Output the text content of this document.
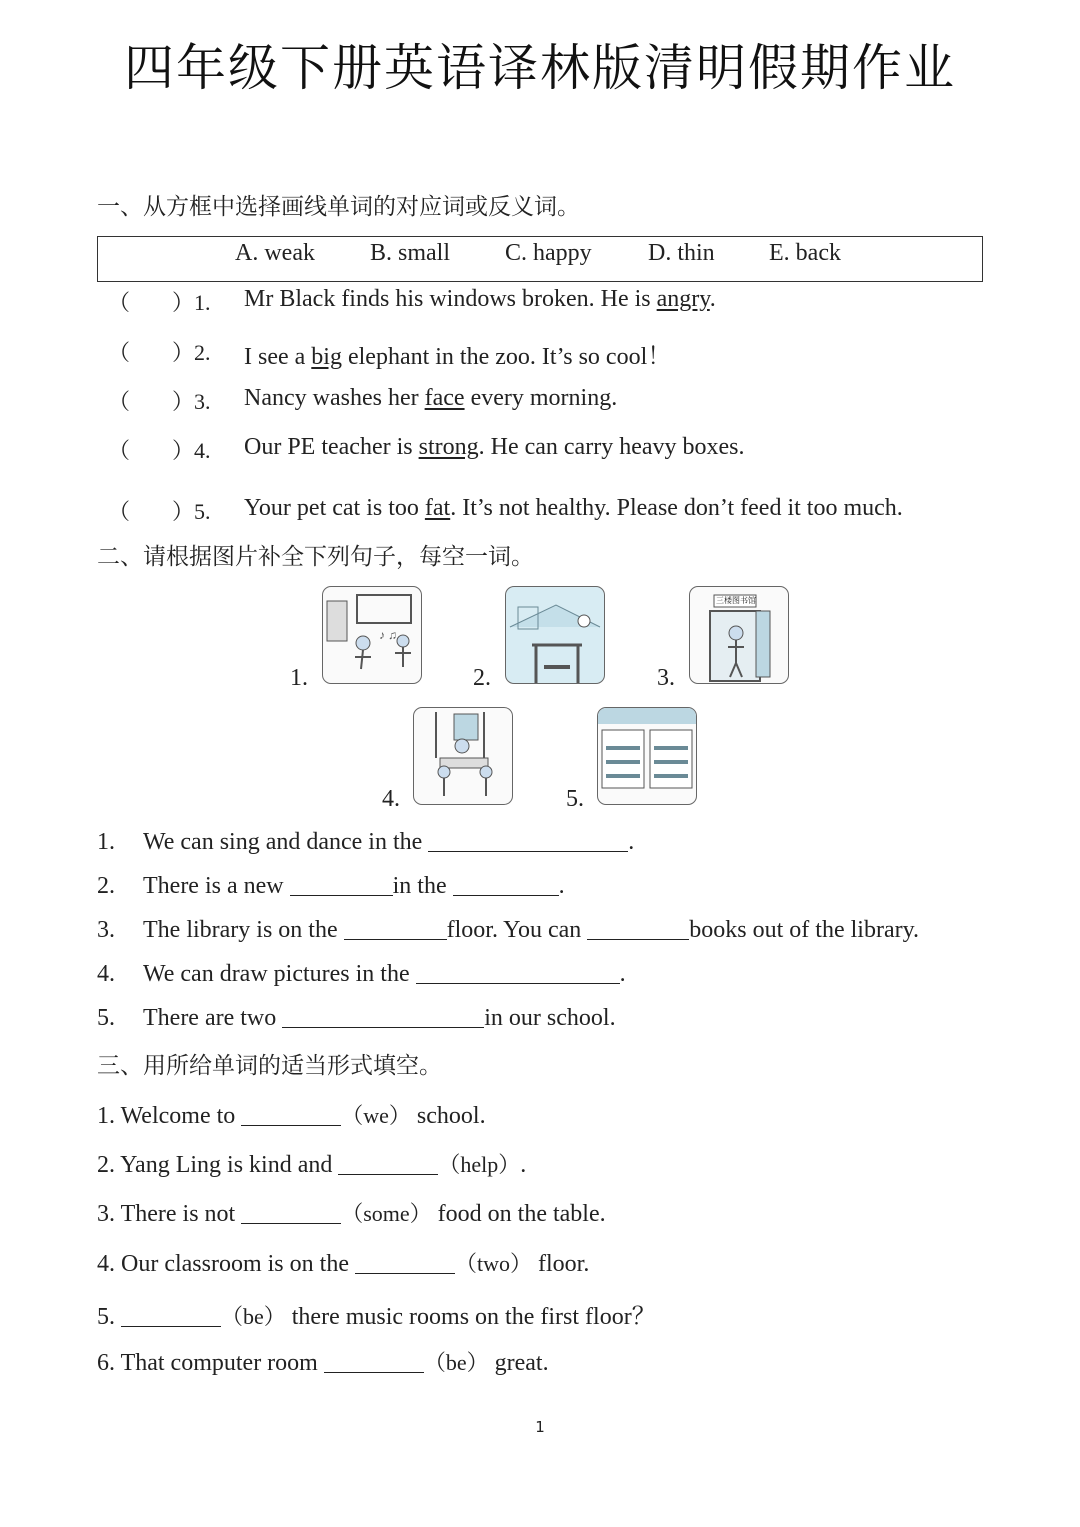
四年级下册英语译林版清明假期作业
一、从方框中选择画线单词的对应词或反义词。
A. weak B. small C. happy D. thin E. back
（ ）1. Mr Black finds his windows broken. He is angry.
（ ）2. I see a big elephant in the zoo. It’s so cool！
（ ）3. Nancy washes her face every morning.
（ ）4. Our PE teacher is strong. He can carry heavy boxes.
（ ）5. Your pet cat is too fat. It’s not healthy. Please don’t feed it too much.
二、请根据图片补全下列句子，每空一词。
1.
♪ ♫
2.	3.
三楼图书馆
4.	5.
1. We can sing and dance in the	.
2. There is a new	in the	.
3. The library is on the	floor. You can	books out of the library.
4. We can draw pictures in the	.
5. There are two	in our school.
三、用所给单词的适当形式填空。
1. Welcome to	（we） school.
2. Yang Ling is kind and	（help）.
3. There is not	（some） food on the table.
4. Our classroom is on the	（two） floor.
5.	（be） there music rooms on the first floor？
6. That computer room	（be） great.
1
